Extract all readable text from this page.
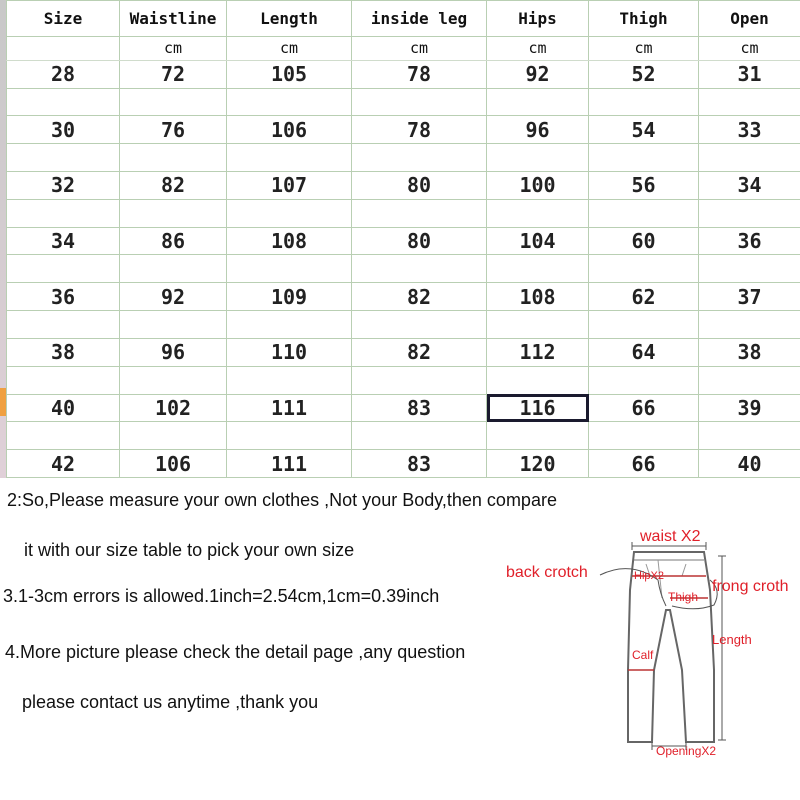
Size	Waistline	Length	inside leg	Hips	Thigh	Open
	cm	cm	cm	cm	cm	cm
28	72	105	78	92	52	31

30	76	106	78	96	54	33

32	82	107	80	100	56	34

34	86	108	80	104	60	36

36	92	109	82	108	62	37

38	96	110	82	112	64	38

40	102	111	83	116	66	39

42	106	111	83	120	66	40
2:So,Please measure your own clothes ,Not your Body,then compare
it with our size table to pick your own size
3.1-3cm errors is allowed.1inch=2.54cm,1cm=0.39inch
4.More picture please check the detail page ,any question
please contact us anytime ,thank you
waist X2
back crotch	HipX2
Thigh
frong croth
Length
Calf
OpeningX2
